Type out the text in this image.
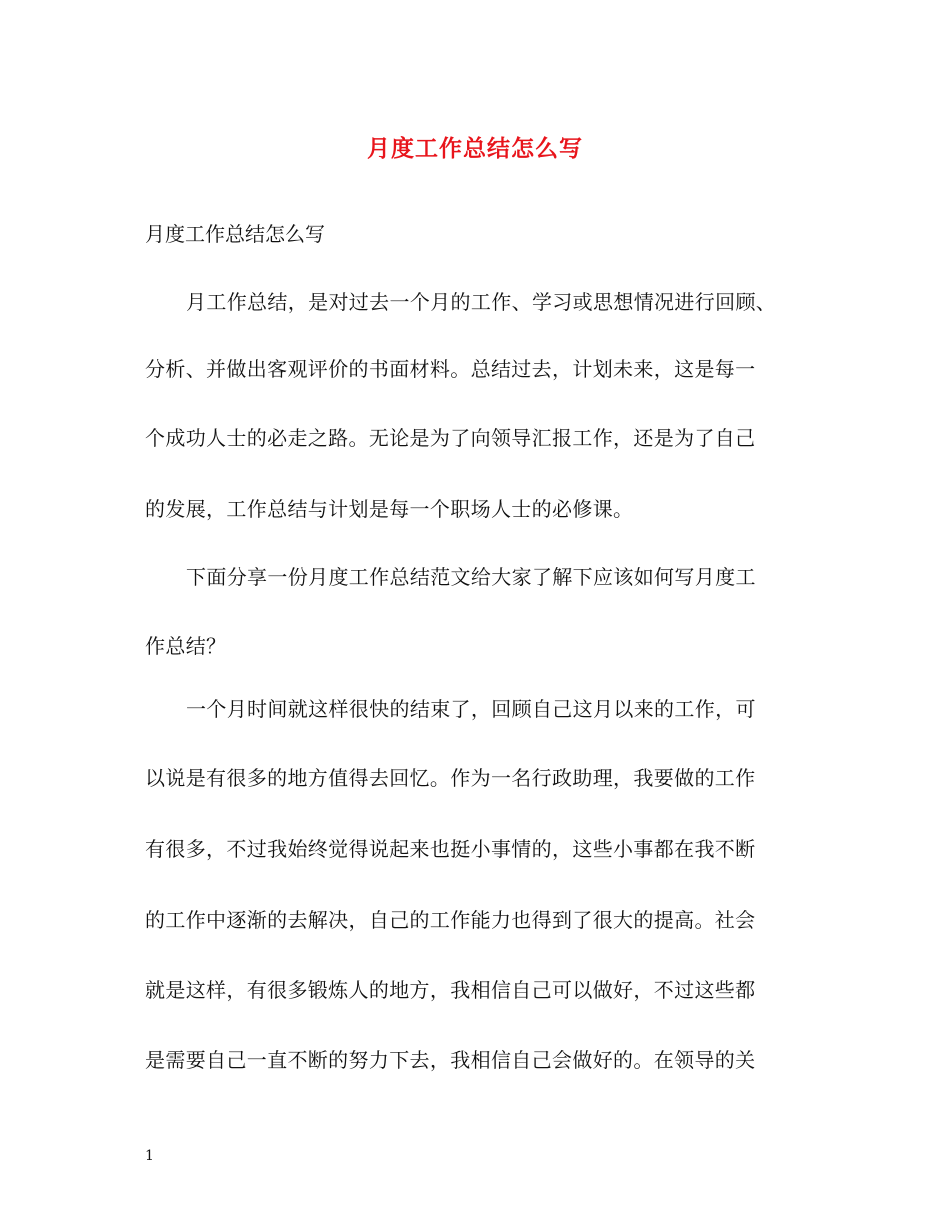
月度工作总结怎么写
月度工作总结怎么写
月工作总结，是对过去一个月的工作、学习或思想情况进行回顾、
分析、并做出客观评价的书面材料。总结过去，计划未来，这是每一
个成功人士的必走之路。无论是为了向领导汇报工作，还是为了自己
的发展，工作总结与计划是每一个职场人士的必修课。
下面分享一份月度工作总结范文给大家了解下应该如何写月度工
作总结？
一个月时间就这样很快的结束了，回顾自己这月以来的工作，可
以说是有很多的地方值得去回忆。作为一名行政助理，我要做的工作
有很多，不过我始终觉得说起来也挺小事情的，这些小事都在我不断
的工作中逐渐的去解决，自己的工作能力也得到了很大的提高。社会
就是这样，有很多锻炼人的地方，我相信自己可以做好，不过这些都
是需要自己一直不断的努力下去，我相信自己会做好的。在领导的关
1
